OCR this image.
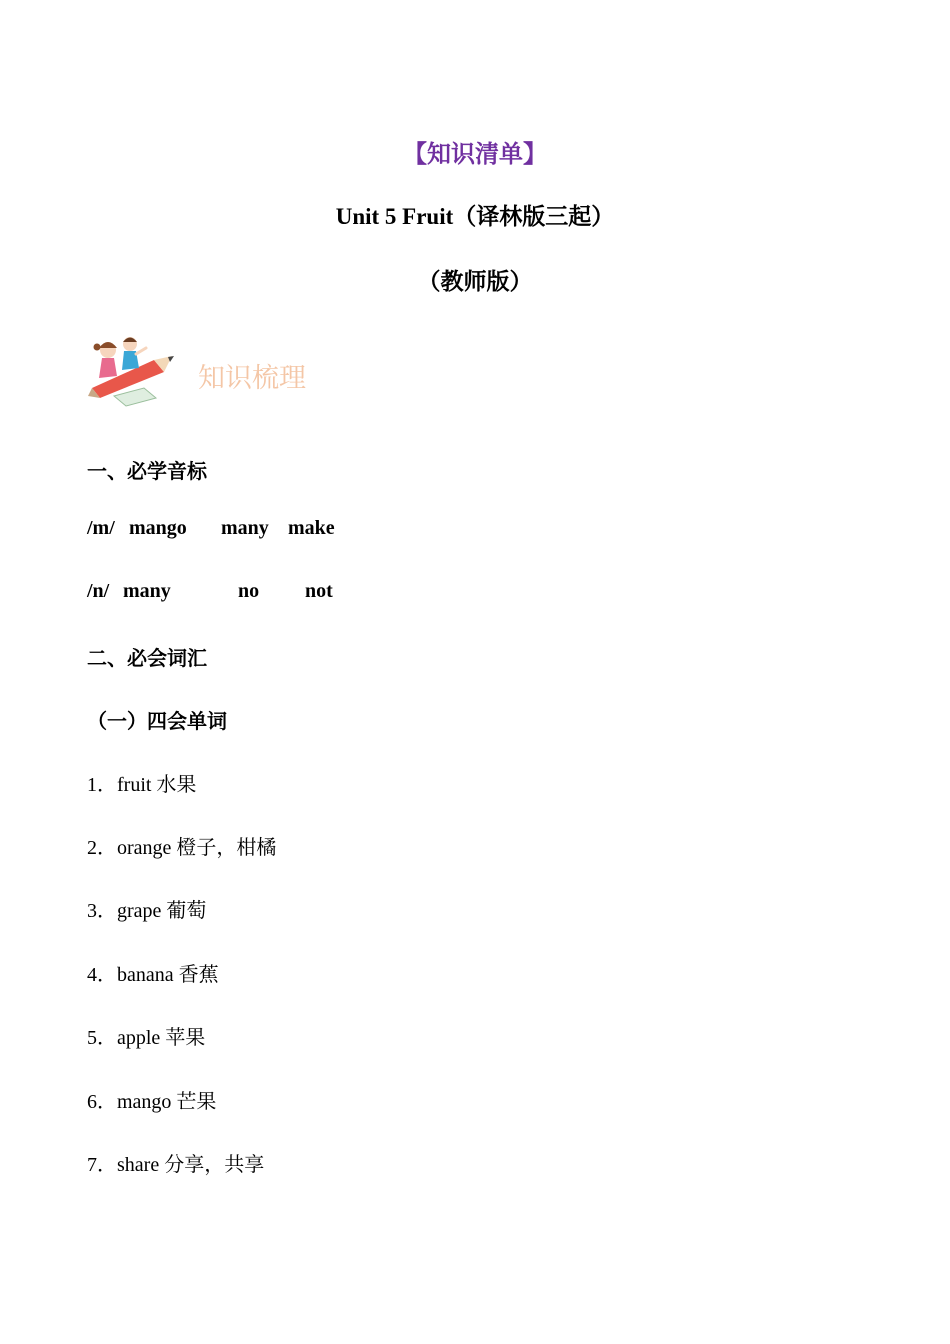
【知识清单】
Unit 5 Fruit（译林版三起）
（教师版）
知识梳理
一、必学音标
/m/ mango many make
/n/ many	no not
二、必会词汇
（一）四会单词
1．fruit 水果
2．orange 橙子，柑橘
3．grape 葡萄
4．banana 香蕉
5．apple 苹果
6．mango 芒果
7．share 分享，共享
